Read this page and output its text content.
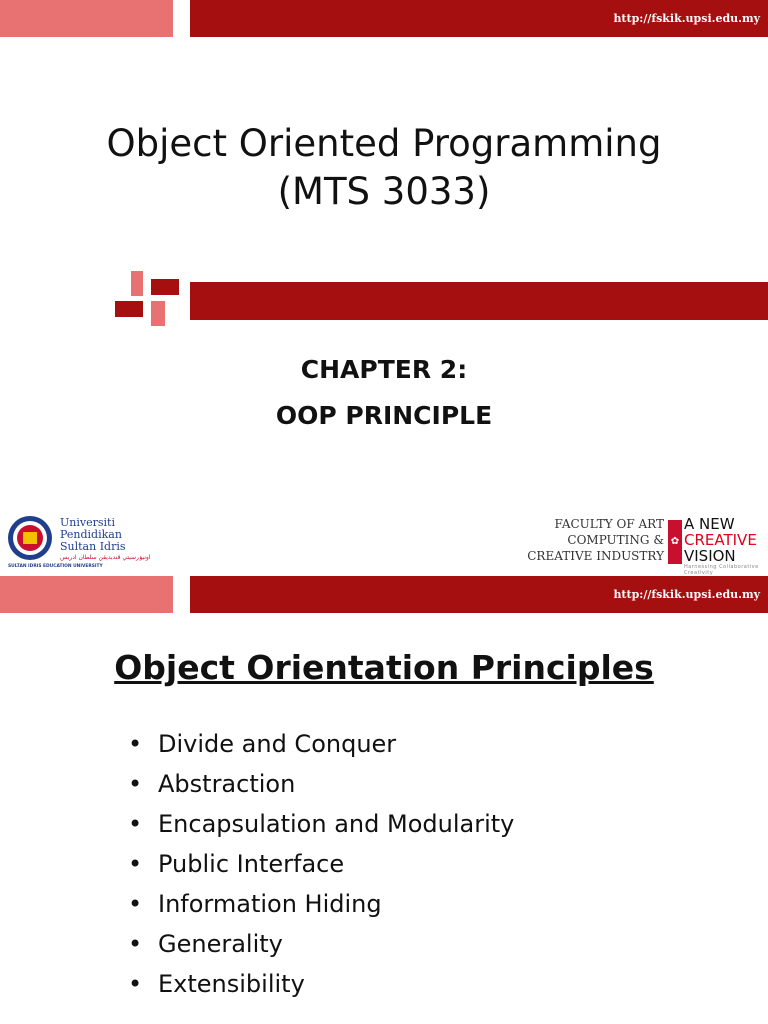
http://fskik.upsi.edu.my
Object Oriented Programming
(MTS 3033)
CHAPTER 2:
OOP PRINCIPLE
Universiti
Pendidikan
Sultan Idris
اونيۏرسيتي ڤنديديقن سلطان ادريس
SULTAN IDRIS EDUCATION UNIVERSITY
FACULTY OF ART
COMPUTING &
CREATIVE INDUSTRY
✿
A NEW
CREATIVE
VISION
Harnessing Collaborative Creativity
http://fskik.upsi.edu.my
Object Orientation Principles
• Divide and Conquer
• Abstraction
• Encapsulation and Modularity
• Public Interface
• Information Hiding
• Generality
• Extensibility
